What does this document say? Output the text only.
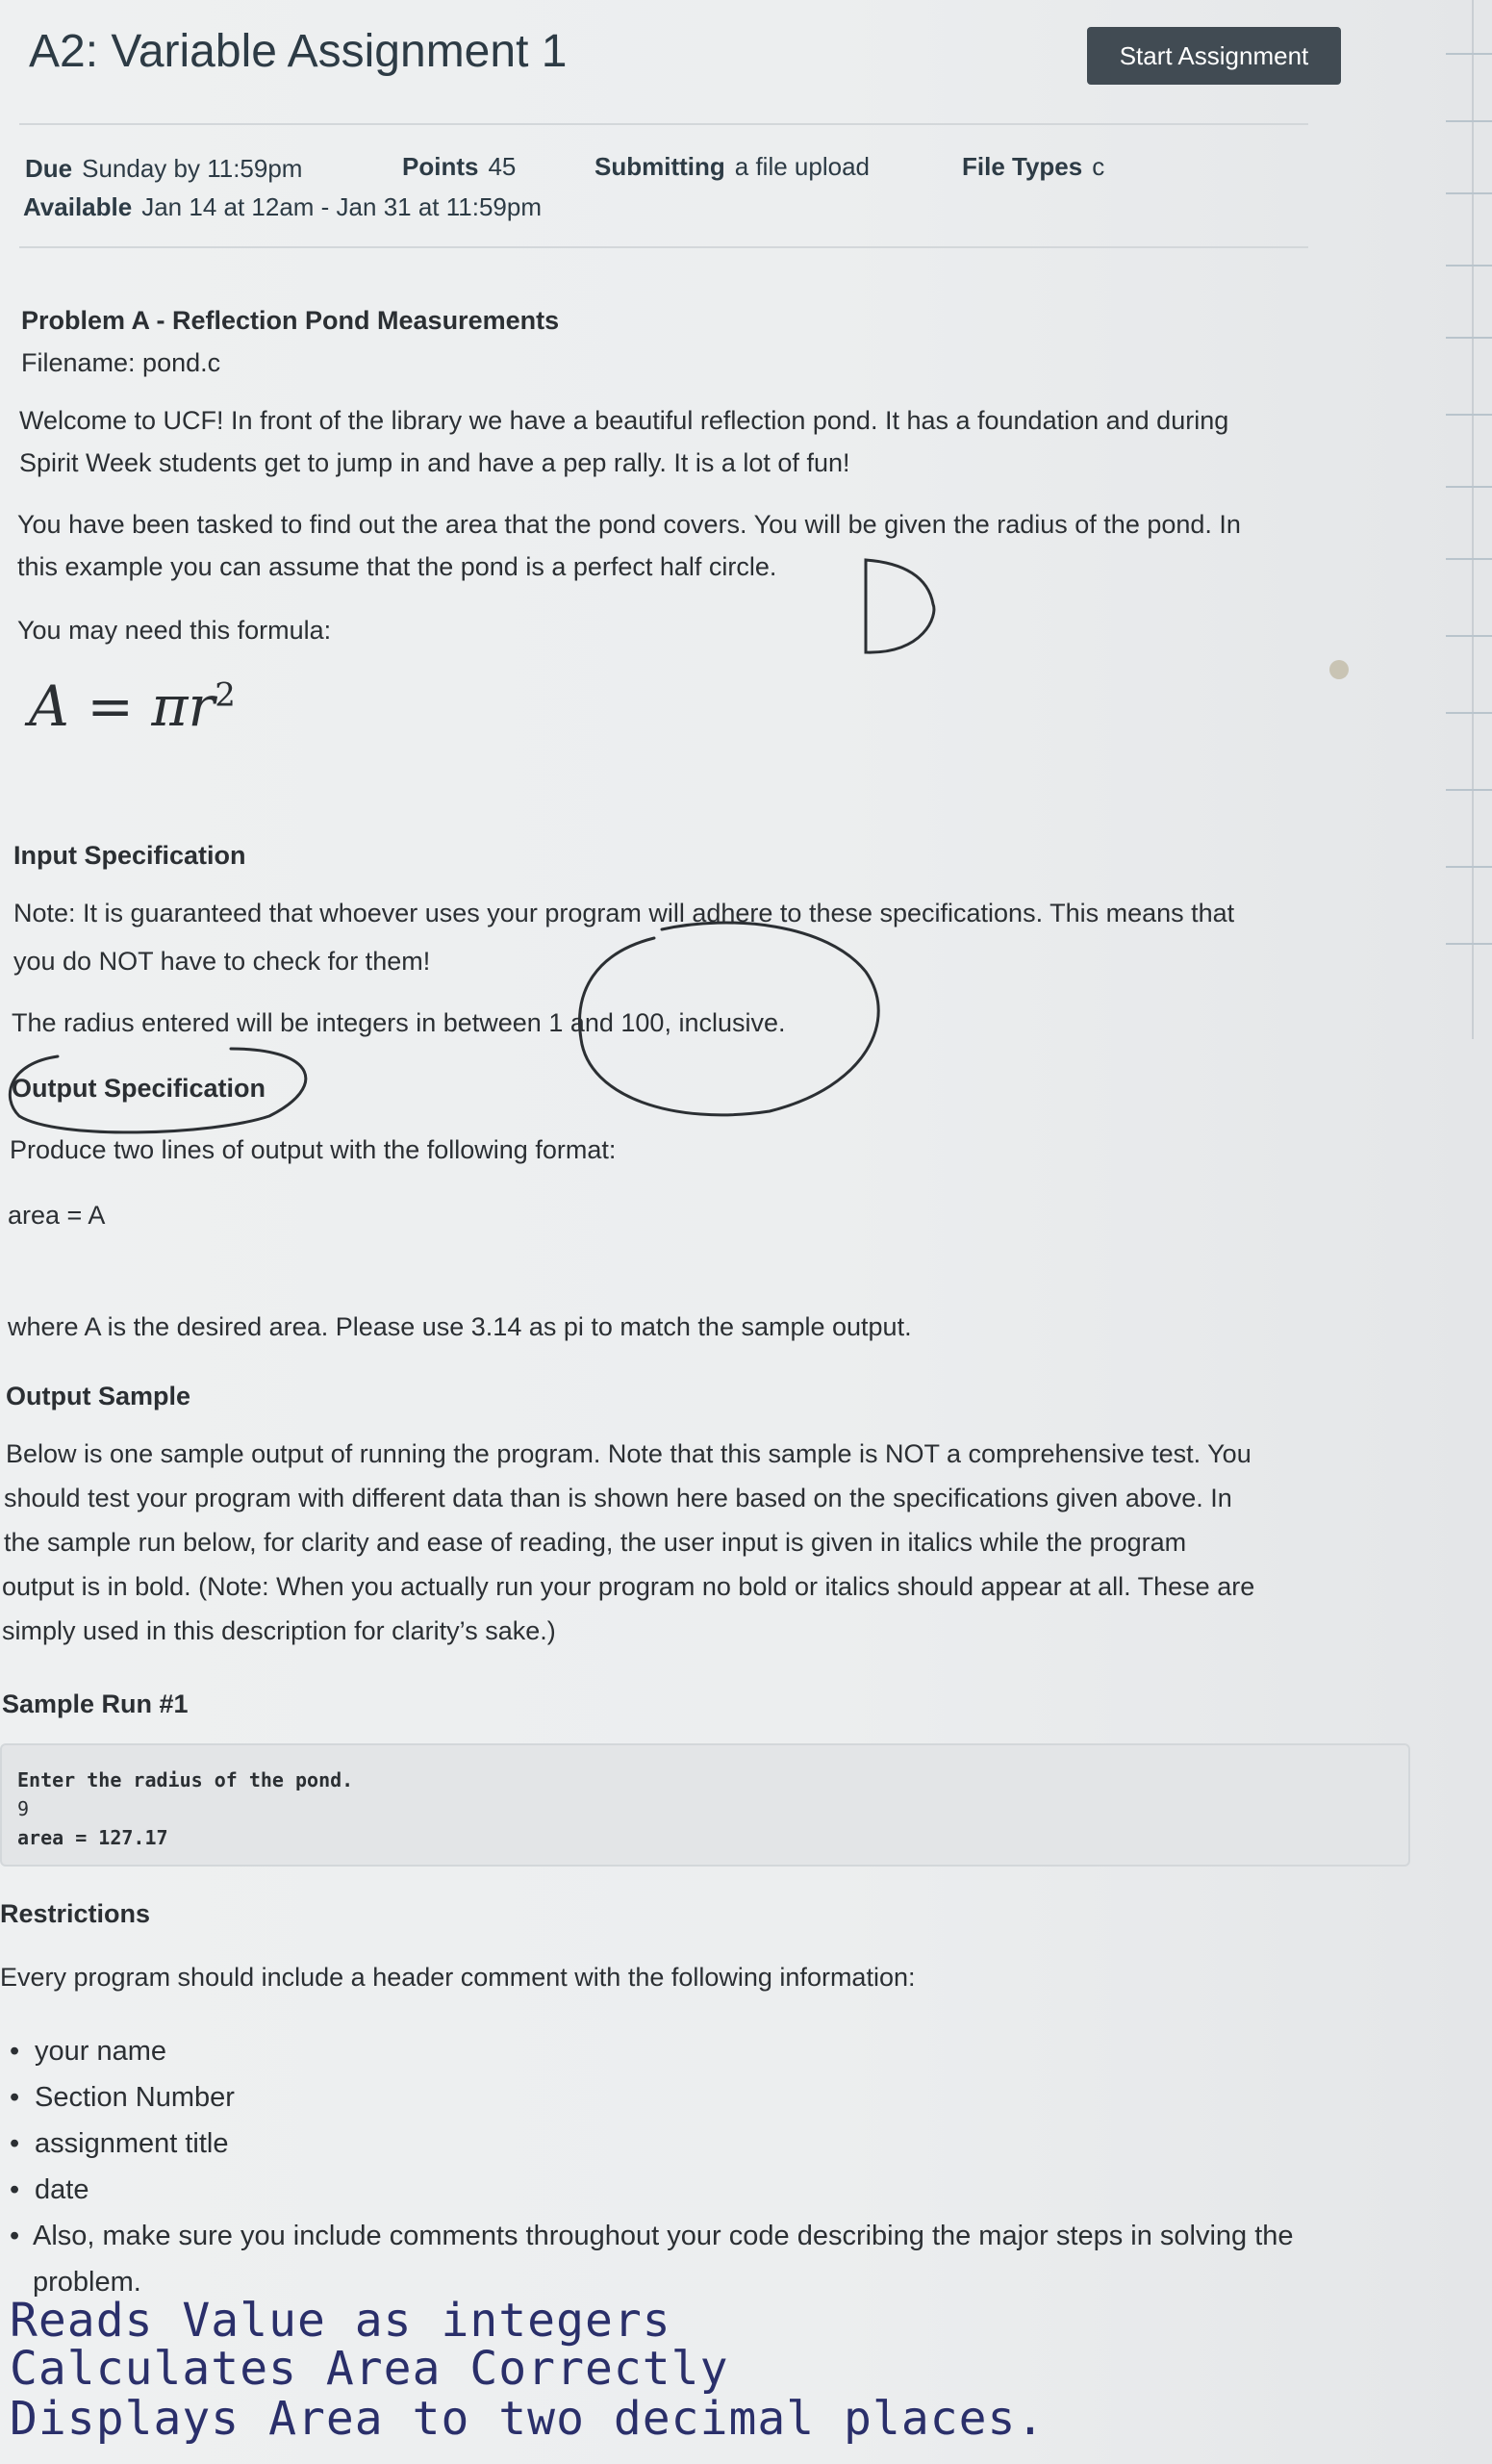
A2: Variable Assignment 1	Start Assignment
Due Sunday by 11:59pm	Points 45	Submitting a file upload	File Types c
Available Jan 14 at 12am - Jan 31 at 11:59pm
Problem A - Reflection Pond Measurements
Filename: pond.c
Welcome to UCF! In front of the library we have a beautiful reflection pond. It has a foundation and during
Spirit Week students get to jump in and have a pep rally. It is a lot of fun!
You have been tasked to find out the area that the pond covers. You will be given the radius of the pond. In
this example you can assume that the pond is a perfect half circle.
You may need this formula:
$A = \pi r^2$
Input Specification
Note: It is guaranteed that whoever uses your program will adhere to these specifications. This means that
you do NOT have to check for them!
The radius entered will be integers in between 1 and 100, inclusive.
Output Specification
Produce two lines of output with the following format:
area = A
where A is the desired area. Please use 3.14 as pi to match the sample output.
Output Sample
Below is one sample output of running the program. Note that this sample is NOT a comprehensive test. You
should test your program with different data than is shown here based on the specifications given above. In
the sample run below, for clarity and ease of reading, the user input is given in italics while the program
output is in bold. (Note: When you actually run your program no bold or italics should appear at all. These are
simply used in this description for clarity’s sake.)
Sample Run #1
Enter the radius of the pond.
9
area = 127.17
Restrictions
Every program should include a header comment with the following information:
• your name
• Section Number
• assignment title
• date
• Also, make sure you include comments throughout your code describing the major steps in solving the
problem.
Reads Value as integers
Calculates Area Correctly
Displays Area to two decimal places.
